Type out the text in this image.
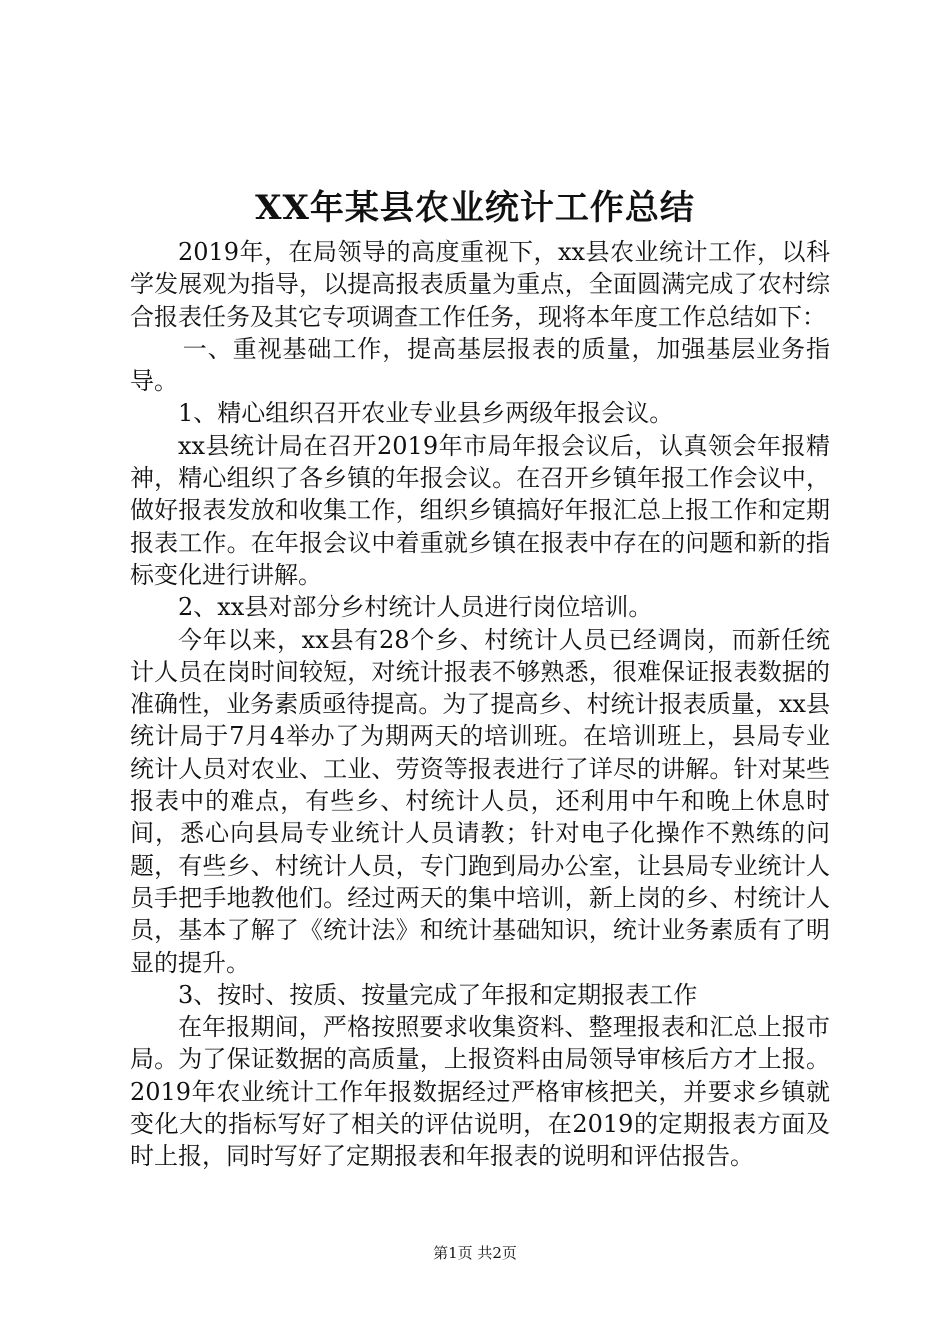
XX年某县农业统计工作总结

2019年，在局领导的高度重视下，xx县农业统计工作，以科学发展观为指导，以提高报表质量为重点，全面圆满完成了农村综合报表任务及其它专项调查工作任务，现将本年度工作总结如下：

一、重视基础工作，提高基层报表的质量，加强基层业务指导。

1、精心组织召开农业专业县乡两级年报会议。

xx县统计局在召开2019年市局年报会议后，认真领会年报精神，精心组织了各乡镇的年报会议。在召开乡镇年报工作会议中，做好报表发放和收集工作，组织乡镇搞好年报汇总上报工作和定期报表工作。在年报会议中着重就乡镇在报表中存在的问题和新的指标变化进行讲解。

2、xx县对部分乡村统计人员进行岗位培训。

今年以来，xx县有28个乡、村统计人员已经调岗，而新任统计人员在岗时间较短，对统计报表不够熟悉，很难保证报表数据的准确性，业务素质亟待提高。为了提高乡、村统计报表质量，xx县统计局于7月4举办了为期两天的培训班。在培训班上，县局专业统计人员对农业、工业、劳资等报表进行了详尽的讲解。针对某些报表中的难点，有些乡、村统计人员，还利用中午和晚上休息时间，悉心向县局专业统计人员请教；针对电子化操作不熟练的问题，有些乡、村统计人员，专门跑到局办公室，让县局专业统计人员手把手地教他们。经过两天的集中培训，新上岗的乡、村统计人员，基本了解了《统计法》和统计基础知识，统计业务素质有了明显的提升。

3、按时、按质、按量完成了年报和定期报表工作

在年报期间，严格按照要求收集资料、整理报表和汇总上报市局。为了保证数据的高质量，上报资料由局领导审核后方才上报。2019年农业统计工作年报数据经过严格审核把关，并要求乡镇就变化大的指标写好了相关的评估说明，在2019的定期报表方面及时上报，同时写好了定期报表和年报表的说明和评估报告。

第1页 共2页
